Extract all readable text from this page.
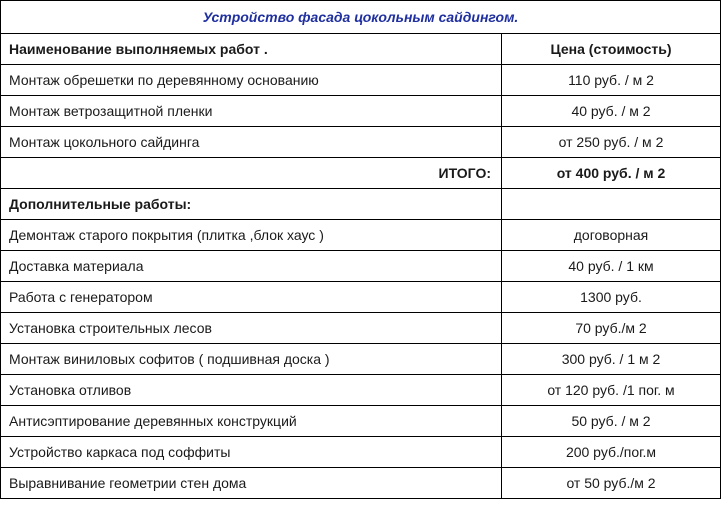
Устройство фасада цокольным сайдингом.	
Наименование выполняемых работ .	Цена (стоимость)
Монтаж обрешетки по деревянному основанию	110 руб. / м 2
Монтаж ветрозащитной пленки	40 руб. / м 2
Монтаж цокольного сайдинга	от 250 руб. / м 2
ИТОГО:	от 400 руб. / м 2
Дополнительные работы:	
Демонтаж старого покрытия (плитка ,блок хаус )	договорная
Доставка материала	40 руб. / 1 км
Работа с генератором	1300 руб.
Установка строительных лесов	70 руб./м 2
Монтаж виниловых софитов ( подшивная доска )	300 руб. / 1 м 2
Установка отливов	от 120 руб. /1 пог. м
Антисэптирование деревянных конструкций	50 руб. / м 2
Устройство каркаса под соффиты	200 руб./пог.м
Выравнивание геометрии стен дома	от 50 руб./м 2
